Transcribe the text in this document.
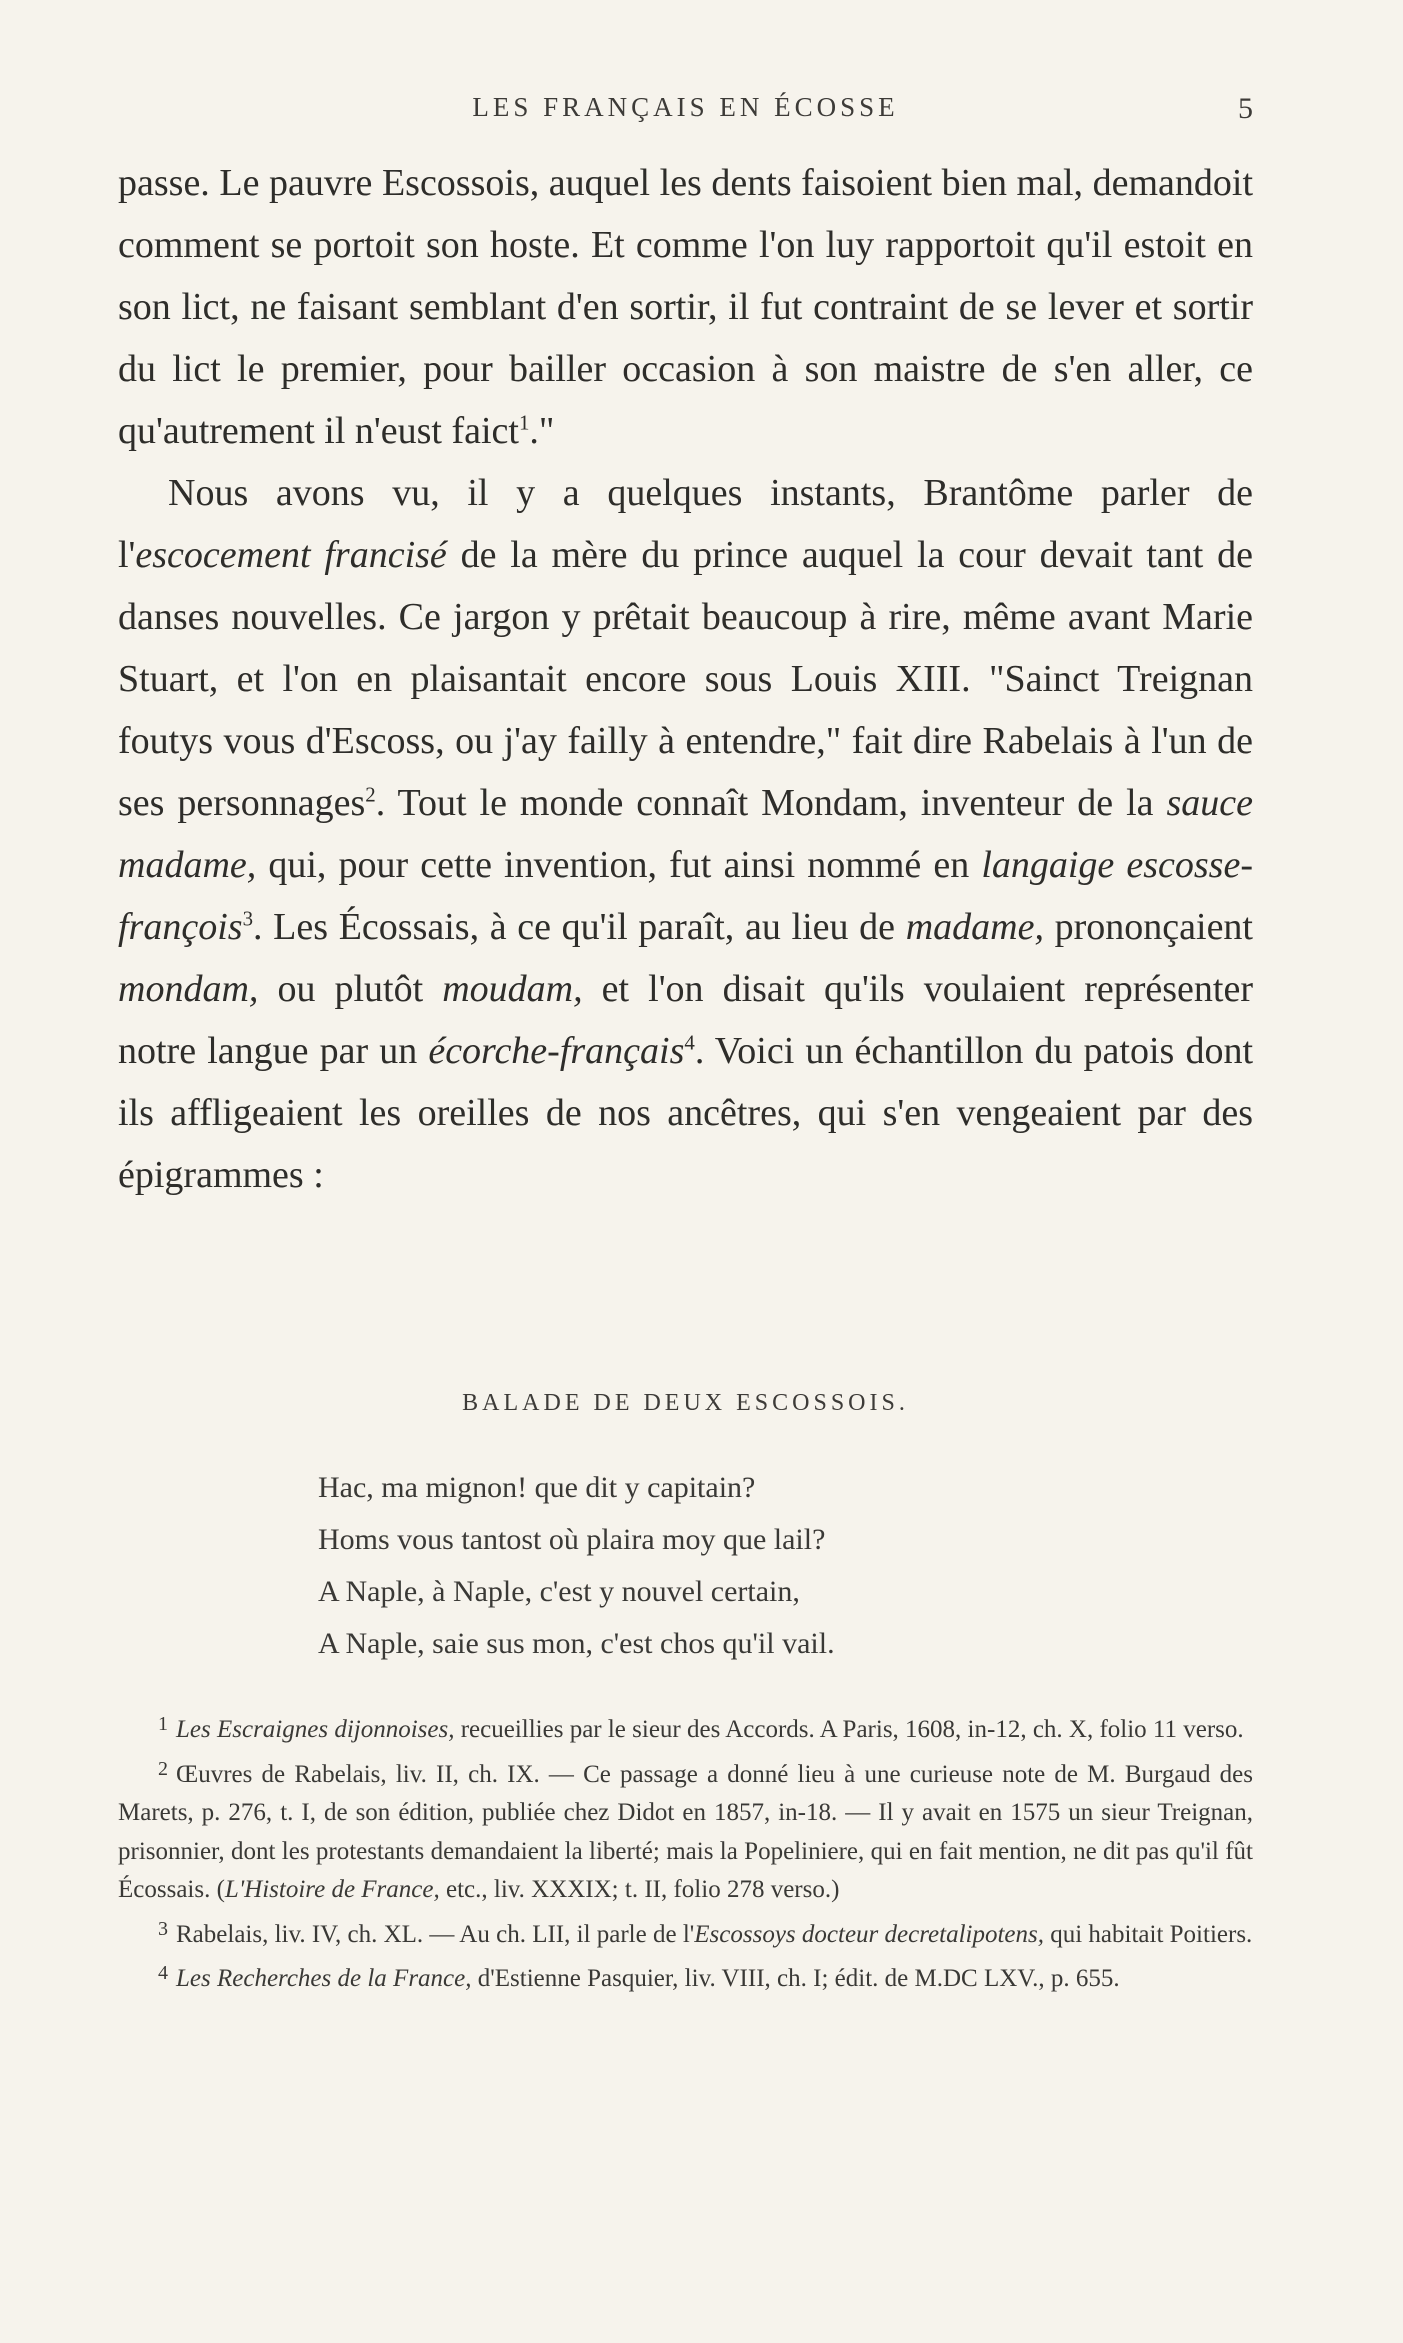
LES FRANÇAIS EN ÉCOSSE	5

passe. Le pauvre Escossois, auquel les dents faisoient bien mal, demandoit comment se portoit son hoste. Et comme l'on luy rapportoit qu'il estoit en son lict, ne faisant semblant d'en sortir, il fut contraint de se lever et sortir du lict le premier, pour bailler occasion à son maistre de s'en aller, ce qu'autrement il n'eust faict$^1$."

Nous avons vu, il y a quelques instants, Brantôme parler de l'escocement francisé de la mère du prince auquel la cour devait tant de danses nouvelles. Ce jargon y prêtait beaucoup à rire, même avant Marie Stuart, et l'on en plaisantait encore sous Louis XIII. "Sainct Treignan foutys vous d'Escoss, ou j'ay failly à entendre," fait dire Rabelais à l'un de ses personnages$^2$. Tout le monde connaît Mondam, inventeur de la sauce madame, qui, pour cette invention, fut ainsi nommé en langaige escosse-françois$^3$. Les Écossais, à ce qu'il paraît, au lieu de madame, prononçaient mondam, ou plutôt moudam, et l'on disait qu'ils voulaient représenter notre langue par un écorche-français$^4$. Voici un échantillon du patois dont ils affligeaient les oreilles de nos ancêtres, qui s'en vengeaient par des épigrammes :

BALADE DE DEUX ESCOSSOIS.
Hac, ma mignon! que dit y capitain?
Homs vous tantost où plaira moy que lail?
A Naple, à Naple, c'est y nouvel certain,
A Naple, saie sus mon, c'est chos qu'il vail.

$^1$ Les Escraignes dijonnoises, recueillies par le sieur des Accords. A Paris, 1608, in-12, ch. X, folio 11 verso.

$^2$ Œuvres de Rabelais, liv. II, ch. IX. — Ce passage a donné lieu à une curieuse note de M. Burgaud des Marets, p. 276, t. I, de son édition, publiée chez Didot en 1857, in-18. — Il y avait en 1575 un sieur Treignan, prisonnier, dont les protestants demandaient la liberté; mais la Popeliniere, qui en fait mention, ne dit pas qu'il fût Écossais. (L'Histoire de France, etc., liv. XXXIX; t. II, folio 278 verso.)

$^3$ Rabelais, liv. IV, ch. XL. — Au ch. LII, il parle de l'Escossoys docteur decretalipotens, qui habitait Poitiers.

$^4$ Les Recherches de la France, d'Estienne Pasquier, liv. VIII, ch. I; édit. de M.DC LXV., p. 655.
